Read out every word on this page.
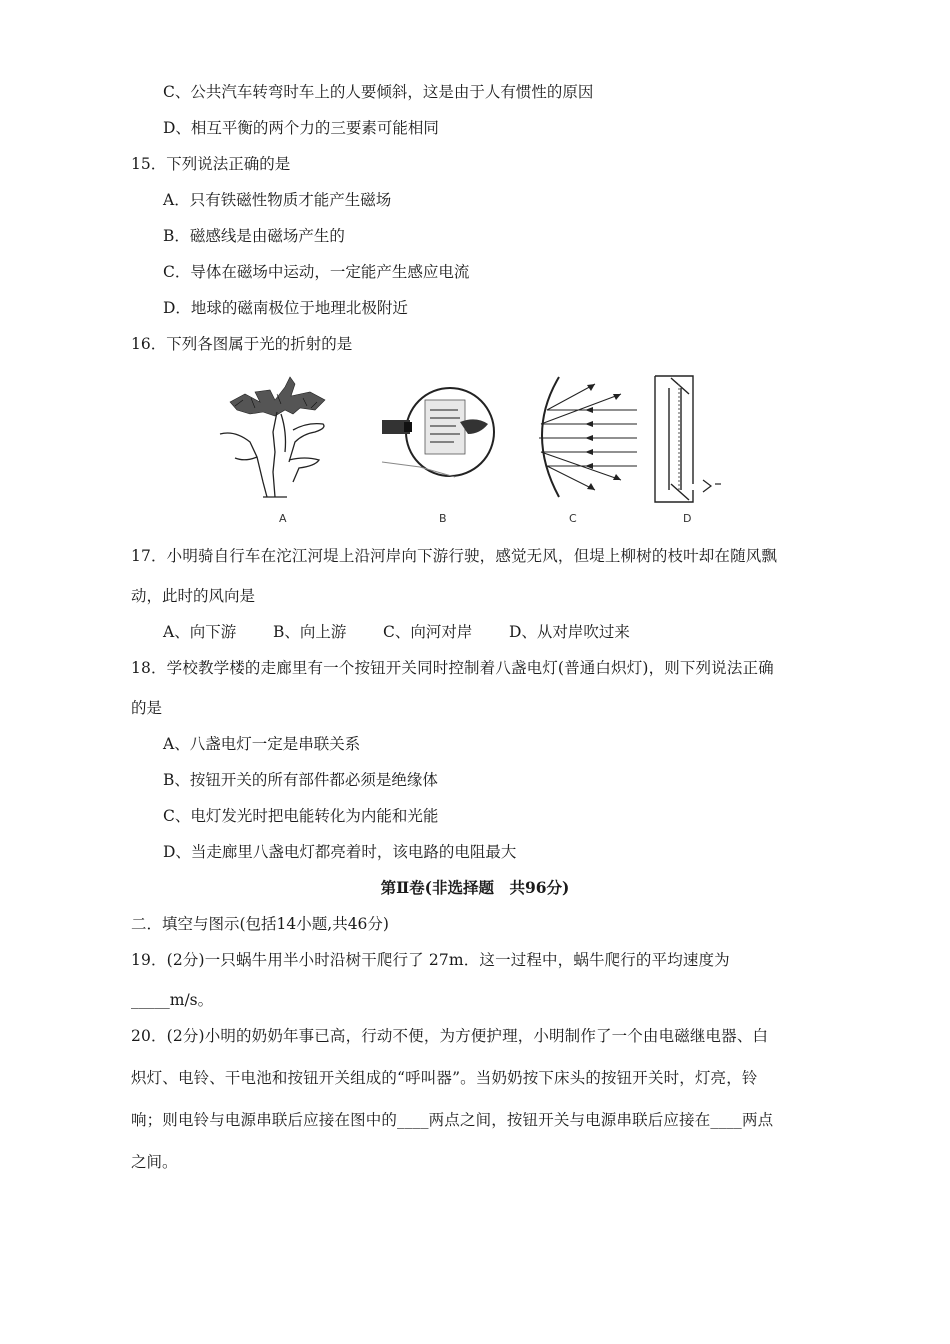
C、公共汽车转弯时车上的人要倾斜，这是由于人有惯性的原因
D、相互平衡的两个力的三要素可能相同
15．下列说法正确的是
A．只有铁磁性物质才能产生磁场
B．磁感线是由磁场产生的
C．导体在磁场中运动，一定能产生感应电流
D．地球的磁南极位于地理北极附近
16．下列各图属于光的折射的是
A	B	C	D
17．小明骑自行车在沱江河堤上沿河岸向下游行驶，感觉无风，但堤上柳树的枝叶却在随风飘
动，此时的风向是
A、向下游 B、向上游 C、向河对岸 D、从对岸吹过来
18．学校教学楼的走廊里有一个按钮开关同时控制着八盏电灯(普通白炽灯)，则下列说法正确
的是
A、八盏电灯一定是串联关系
B、按钮开关的所有部件都必须是绝缘体
C、电灯发光时把电能转化为内能和光能
D、当走廊里八盏电灯都亮着时，该电路的电阻最大
第Ⅱ卷(非选择题　共96分)
二．填空与图示(包括14小题,共46分)
19．(2分)一只蜗牛用半小时沿树干爬行了 27m．这一过程中，蜗牛爬行的平均速度为
_____m/s。
20．(2分)小明的奶奶年事已高，行动不便，为方便护理，小明制作了一个由电磁继电器、白
炽灯、电铃、干电池和按钮开关组成的“呼叫器”。当奶奶按下床头的按钮开关时，灯亮，铃
响；则电铃与电源串联后应接在图中的____两点之间，按钮开关与电源串联后应接在____两点
之间。
